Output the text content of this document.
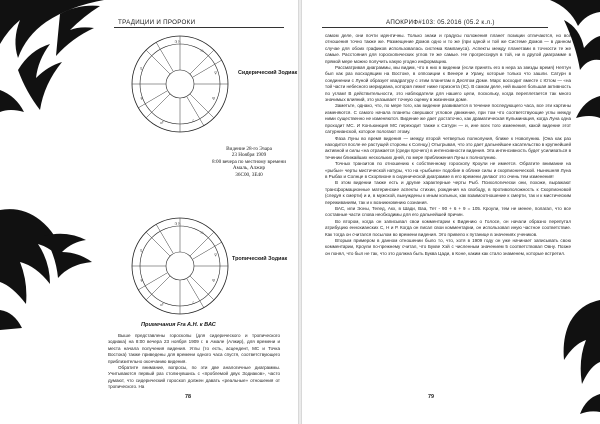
ТРАДИЦИИ И ПРОРОКИ
♃♄
☉
♀
♅
☾
♂
♆
☿
Сидерический Зодиак
Видение 28-го Эзара
23 Ноября 1909
8:00 вечера по местному времени
Амаль, Алжир
36С00, 3E40
♃♄
☉
♀
♅
☾
♂
♆
☿
Тропический Зодиак
Примечания Fra A.H. к ВАС

Выше представлены гороскопы (для сидерического и тропического зодиака) на 8:00 вечера 23 ноября 1909 г. в Амале (Алжир), для времени и места начала получения видения. Углы (то есть, асцендент, МС и Точка Востока) также приведены для времени одного часа спустя, соответствующего приблизительно окончанию видения.

Обратите внимание, вопросы, по эти две аналогичные диаграммы. Учитываются первый раз столкнувшись с «проблемой двух Зодиаков», часто думают, что сидерический гороскоп должен давать «реальные» отношения от тропического. На

78
АПОКРИФ#103: 05.2016 (05.2 к.л.)

самом деле, они почти идентичны. Только знаки и градусы положения планет позиции отличаются, но все отношения точно также же. Размещение Домов одно и то же (при одной и той же Системе Домов — в данном случае для обоих графиков использовалась система Кампануса). Аспекты между планетами в точности те же самые. Расстояния для гороскопических углов те же самые. Не прогрессируя в той, ни в другой диаграмме в прямой мере можно получить какую угодно информацию.

Рассматривая диаграммы, мы видим, что в них в видении (если принять его в нера за звезды время) Нептун был как раз восходящим на Востоке, в оппозиции к Венере и Урану, которые только что зашли. Сатурн в соединении с Луной образует квадратуру с этим планетам в Десятом Доме. Марс восходит вместе с Ютом — «на той части небесного меридиана, которая лежит ниже горизонта (IC). В самом деле, ней вышел большая активность по углам! В действительности, это наблюдатели для нашего цели, поскольку, когда переплетается так много значимых влияний, это указывает точную оценку в жизненом доме.

Заметьте, однако, что, по мере того, как видение развивается в течение последующего часа, все эти картины изменяются. С самого начала планеты свершают угловое движение, при том что соответствующие углы между ними существенно не изменяются. Видение же дает достаточно, как драматическая Кульминация, когда Луна однa проходит МС. И Конъюнкция МС переходит также к Сатурн — и, ине всех того изменения, какой видение этот сатурнианской, которое пологают этому.

Фаза Луны во время видения — между второй четвертью полнолуния, ближе к Новолунию. (Она как раз находится после ее растущей стороны к Солнцу.) Отыгрывая, что это дает дальнейшее касательство в крупнейшей активной и силы «на отражается (среди прочего) в интенсивности видения. Эта интенсивность будет усиливаться в течении ближайших нескольких дней, по мере приближения Луны к полнолунию.

Точных транзитов по отношению к собственному гороскопу Кроули не имеется. Обратите внимание на «рыбьи» черты мистической натуры, что на «рыбьем» подобие в облике силы и скорпионической. Нынешняя Луна в Рыбах и Солнце в Скорпионе в сиденической диаграмме в его времени делают это очень тем изменения!

В этом видении также есть и другие характерные черты Рыб. Психологически они, похоже, выражают трансформационные материнские аспекты стихии, рождения на свободу, в противоположность к Скорпионовой (следуя к смерти) и и, в мужской, вынуждены к иным кольных, как взаимоотношение к смерти, так и к мистическим переживаниям, так и к возникновению сознания.

ВАС, или Эоны, Телед, Акх, в Шади, Ваа, Тет - 90 + 6 + 9 = 105. Кроули, тем не менее, полагал, что все составные части слова необходимы для его дальнейшей причин.

Во втором, когда он записывал свои комментарии к Видению о Голосе, он начали образно перепутал атрибуцию еннохианских С, Н и Р. Когда он писал свои комментарии, он использовал иную частное соответствие. Как тогда он считался посылом во времени видения. Это привело к путанице в значениях учеников.

Вторым примером в данном отношении было то, что, хотя в 1909 году он уже начинает записывать свою комментарии, Кроули по-прежнему считал, что Букве Хэй с численным значением 5 соответствовал Овну. Позже он понял, что был не так, что это должна быть Буква Цади, в Коне, каким как стало знаменем, которые встретил.

79
